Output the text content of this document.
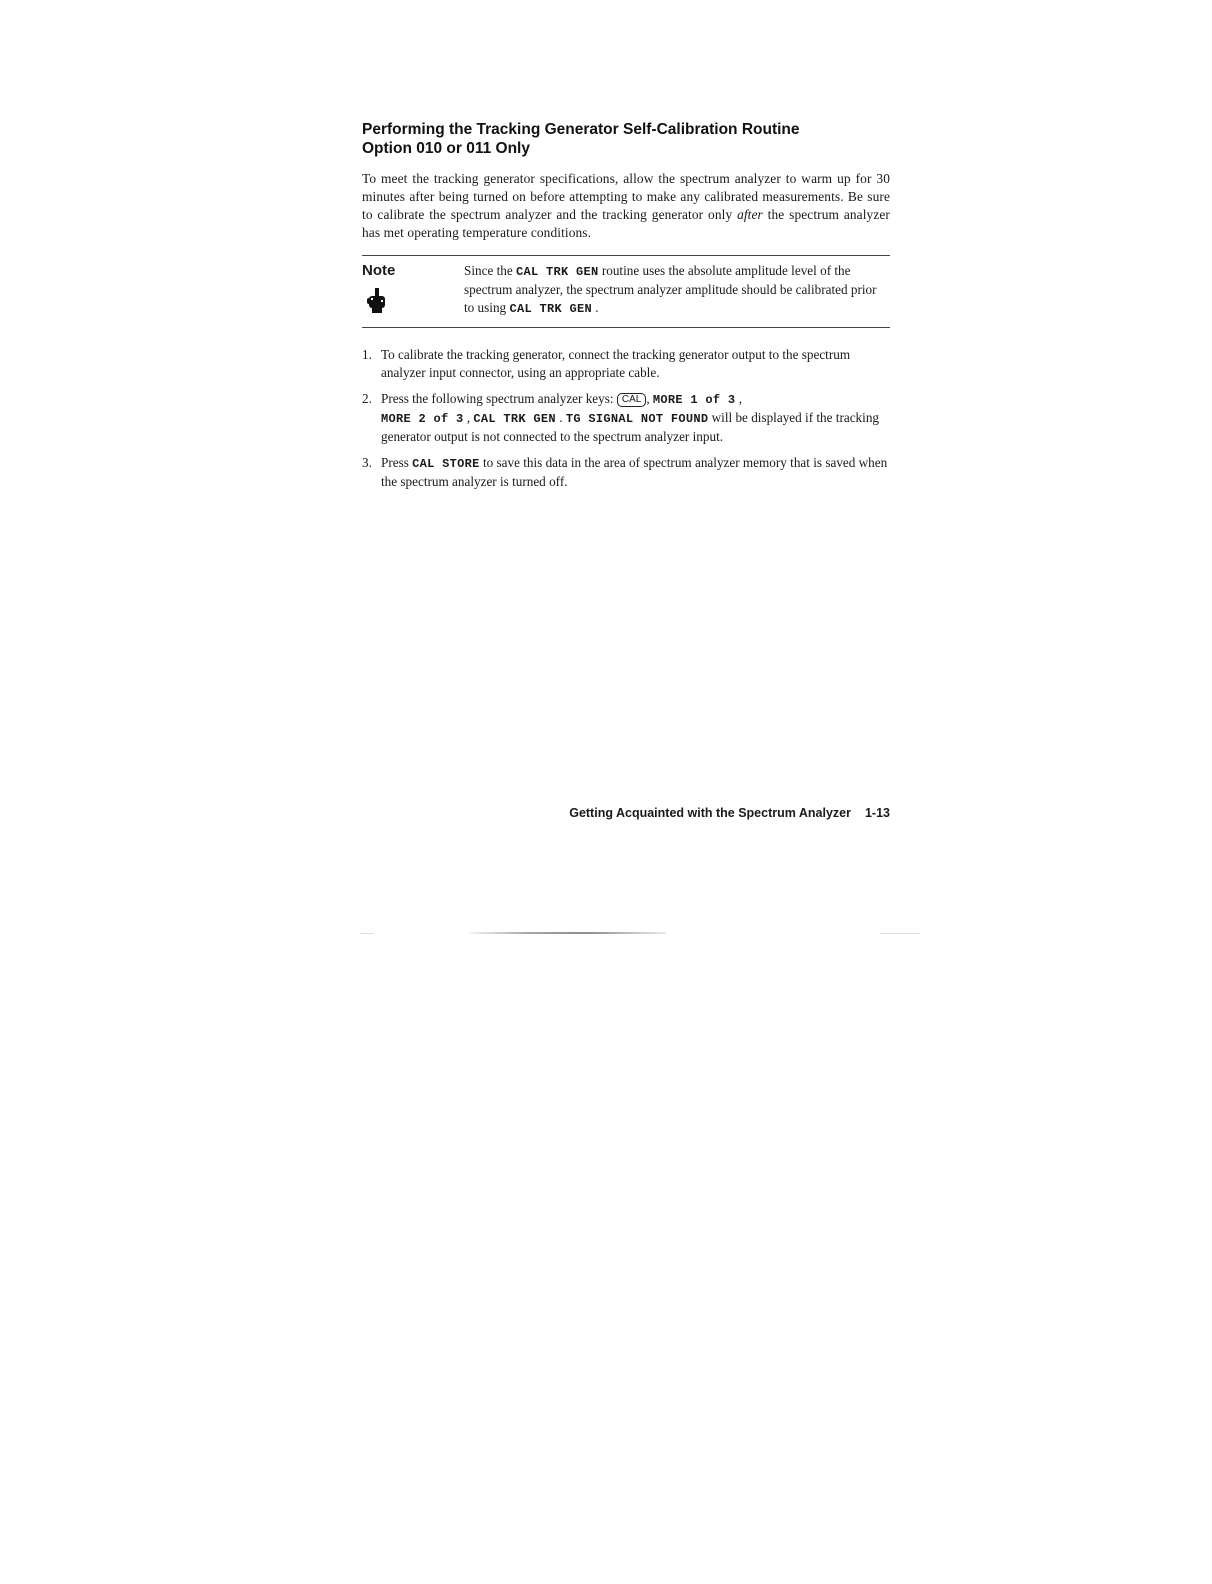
Performing the Tracking Generator Self-Calibration Routine
Option 010 or 011 Only

To meet the tracking generator specifications, allow the spectrum analyzer to warm up for 30 minutes after being turned on before attempting to make any calibrated measurements. Be sure to calibrate the spectrum analyzer and the tracking generator only after the spectrum analyzer has met operating temperature conditions.

Note	Since the CAL TRK GEN routine uses the absolute amplitude level of the spectrum analyzer, the spectrum analyzer amplitude should be calibrated prior to using CAL TRK GEN .
1. To calibrate the tracking generator, connect the tracking generator output to the spectrum analyzer input connector, using an appropriate cable.
2. Press the following spectrum analyzer keys: CAL , MORE 1 of 3 ,
MORE 2 of 3 , CAL TRK GEN . TG SIGNAL NOT FOUND will be displayed if the tracking generator output is not connected to the spectrum analyzer input.
3. Press CAL STORE to save this data in the area of spectrum analyzer memory that is saved when the spectrum analyzer is turned off.
Getting Acquainted with the Spectrum Analyzer 1-13
